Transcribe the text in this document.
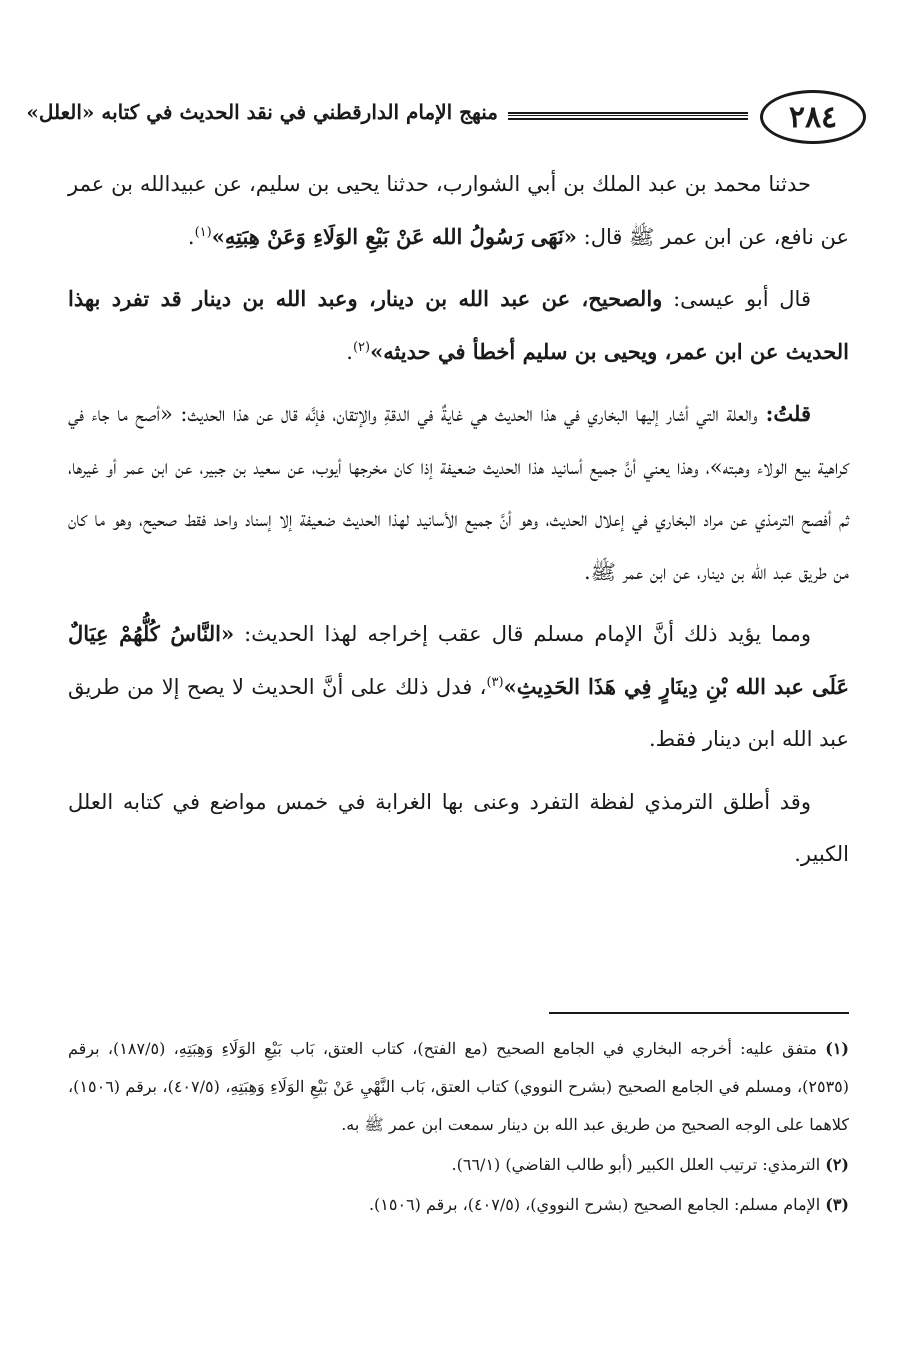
٢٨٤
منهج الإمام الدارقطني في نقد الحديث في كتابه «العلل»

حدثنا محمد بن عبد الملك بن أبي الشوارب، حدثنا يحيى بن سليم، عن عبيدالله بن عمر عن نافع، عن ابن عمر ﷺ قال: «نَهَى رَسُولُ الله عَنْ بَيْعِ الوَلَاءِ وَعَنْ هِبَتِهِ»$^{(١)}$.

قال أبو عيسى: والصحيح، عن عبد الله بن دينار، وعبد الله بن دينار قد تفرد بهذا الحديث عن ابن عمر، ويحيى بن سليم أخطأ في حديثه»$^{(٢)}$.

قلتُ: والعلة التي أشار إليها البخاري في هذا الحديث هي غايةٌ في الدقةِ والإتقان، فإنَّه قال عن هذا الحديث: «أصح ما جاء في كراهية بيع الولاء وهبته»، وهذا يعني أنَّ جميع أسانيد هذا الحديث ضعيفة إذا كان مخرجها أيوب، عن سعيد بن جبير، عن ابن عمر أو غيرها، ثم أفصح الترمذي عن مراد البخاري في إعلال الحديث، وهو أنَّ جميع الأسانيد لهذا الحديث ضعيفة إلا إسناد واحد فقط صحيح، وهو ما كان من طريق عبد الله بن دينار، عن ابن عمر ﷺ.

ومما يؤيد ذلك أنَّ الإمام مسلم قال عقب إخراجه لهذا الحديث: «النَّاسُ كُلُّهُمْ عِيَالٌ عَلَى عبد الله بْنِ دِينَارٍ فِي هَذَا الحَدِيثِ»$^{(٣)}$، فدل ذلك على أنَّ الحديث لا يصح إلا من طريق عبد الله ابن دينار فقط.

وقد أطلق الترمذي لفظة التفرد وعنى بها الغرابة في خمس مواضع في كتابه العلل الكبير.

(١) متفق عليه: أخرجه البخاري في الجامع الصحيح (مع الفتح)، كتاب العتق، بَاب بَيْعِ الوَلَاءِ وَهِبَتِهِ، (١٨٧/٥)، برقم (٢٥٣٥)، ومسلم في الجامع الصحيح (بشرح النووي) كتاب العتق، بَاب النَّهْيِ عَنْ بَيْعِ الوَلَاءِ وَهِبَتِهِ، (٤٠٧/٥)، برقم (١٥٠٦)، كلاهما على الوجه الصحيح من طريق عبد الله بن دينار سمعت ابن عمر ﷺ به.

(٢) الترمذي: ترتيب العلل الكبير (أبو طالب القاضي) (٦٦/١).

(٣) الإمام مسلم: الجامع الصحيح (بشرح النووي)، (٤٠٧/٥)، برقم (١٥٠٦).
